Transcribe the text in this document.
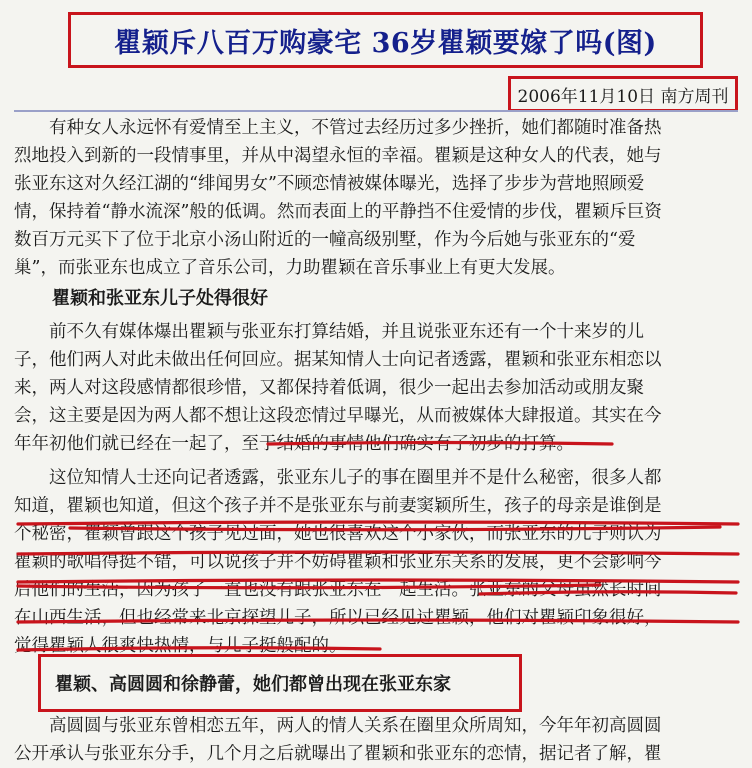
瞿颖斥八百万购豪宅 36岁瞿颖要嫁了吗(图)
2006年11月10日 南方周刊
　　有种女人永远怀有爱情至上主义，不管过去经历过多少挫折，她们都随时准备热
烈地投入到新的一段情事里，并从中渴望永恒的幸福。瞿颖是这种女人的代表，她与
张亚东这对久经江湖的“绯闻男女”不顾恋情被媒体曝光，选择了步步为营地照顾爱
情，保持着“静水流深”般的低调。然而表面上的平静挡不住爱情的步伐，瞿颖斥巨资
数百万元买下了位于北京小汤山附近的一幢高级别墅，作为今后她与张亚东的“爱
巢”，而张亚东也成立了音乐公司，力助瞿颖在音乐事业上有更大发展。
瞿颖和张亚东儿子处得很好
　　前不久有媒体爆出瞿颖与张亚东打算结婚，并且说张亚东还有一个十来岁的儿
子，他们两人对此未做出任何回应。据某知情人士向记者透露，瞿颖和张亚东相恋以
来，两人对这段感情都很珍惜，又都保持着低调，很少一起出去参加活动或朋友聚
会，这主要是因为两人都不想让这段恋情过早曝光，从而被媒体大肆报道。其实在今
年年初他们就已经在一起了，至于结婚的事情他们确实有了初步的打算。
　　这位知情人士还向记者透露，张亚东儿子的事在圈里并不是什么秘密，很多人都
知道，瞿颖也知道，但这个孩子并不是张亚东与前妻窦颖所生，孩子的母亲是谁倒是
个秘密，瞿颖曾跟这个孩子见过面，她也很喜欢这个小家伙，而张亚东的儿子则认为
瞿颖的歌唱得挺不错，可以说孩子并不妨碍瞿颖和张亚东关系的发展，更不会影响今
后他们的生活，因为孩子一直也没有跟张亚东在一起生活。张亚东的父母虽然长时间
在山西生活，但也经常来北京探望儿子，所以已经见过瞿颖，他们对瞿颖印象很好，
觉得瞿颖人很爽快热情，与儿子挺般配的。
瞿颖、高圆圆和徐静蕾，她们都曾出现在张亚东家
　　高圆圆与张亚东曾相恋五年，两人的情人关系在圈里众所周知，今年年初高圆圆
公开承认与张亚东分手，几个月之后就曝出了瞿颖和张亚东的恋情，据记者了解，瞿
